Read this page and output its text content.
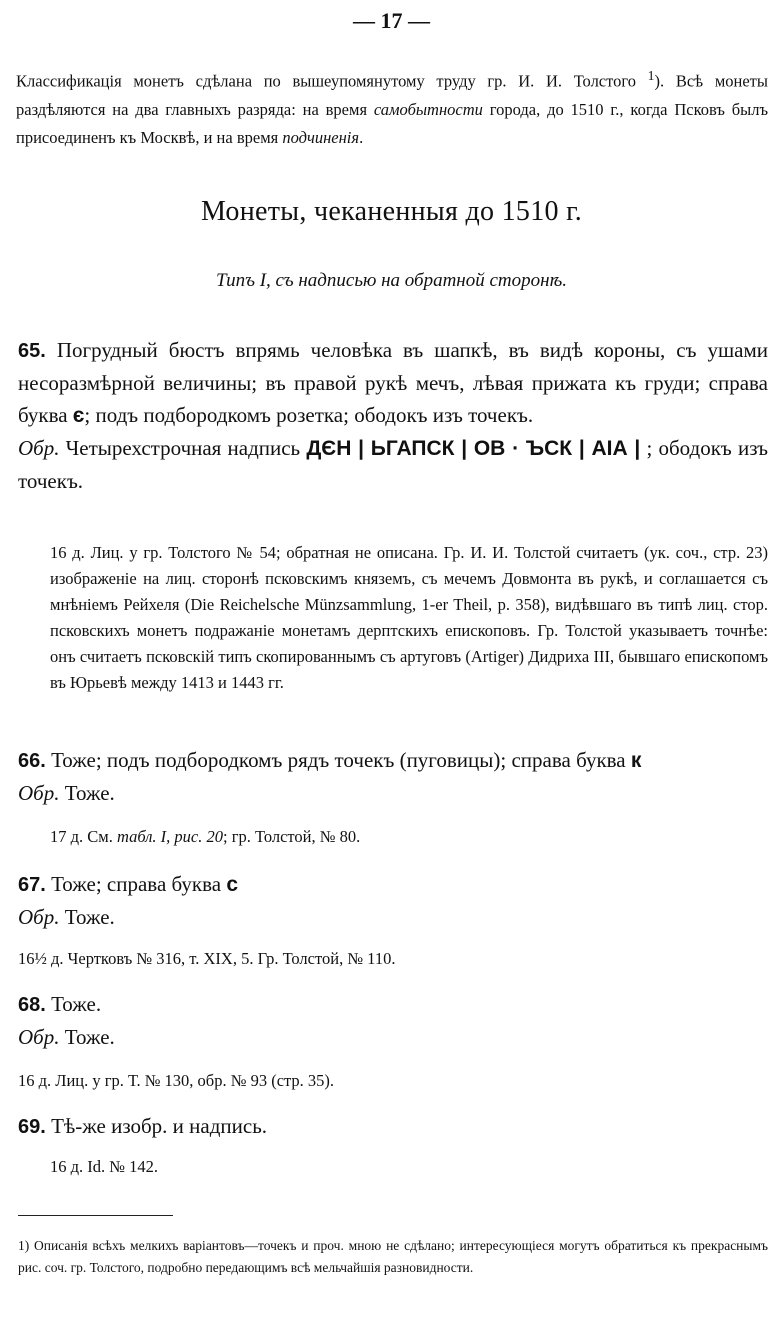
— 17 —
Классификація монетъ сдѣлана по вышеупомянутому труду гр. И. И. Толстого $^1$). Всѣ монеты раздѣляются на два главныхъ разряда: на время самобытности города, до 1510 г., когда Псковъ былъ присоединенъ къ Москвѣ, и на время подчиненія.
Монеты, чеканенныя до 1510 г.
Типъ I, съ надписью на обратной сторонѣ.
65. Погрудный бюстъ впрямь человѣка въ шапкѣ, въ видѣ короны, съ ушами несоразмѣрной величины; въ правой рукѣ мечъ, лѣвая прижата къ груди; справа буква є; подъ подбородкомъ розетка; ободокъ изъ точекъ.
Обр. Четырехстрочная надпись ДЄН | ЬГАПСК | ОВ · ЪСК | АІА | ; ободокъ изъ точекъ.
16 д. Лиц. у гр. Толстого № 54; обратная не описана. Гр. И. И. Толстой считаетъ (ук. соч., стр. 23) изображеніе на лиц. сторонѣ псковскимъ княземъ, съ мечемъ Довмонта въ рукѣ, и соглашается съ мнѣніемъ Рейхеля (Die Reichelsche Münzsammlung, 1-er Theil, p. 358), видѣвшаго въ типѣ лиц. стор. псковскихъ монетъ подражаніе монетамъ дерптскихъ епископовъ. Гр. Толстой указываетъ точнѣе: онъ считаетъ псковскій типъ скопированнымъ съ артуговъ (Artiger) Дидриха III, бывшаго епископомъ въ Юрьевѣ между 1413 и 1443 гг.
66. Тоже; подъ подбородкомъ рядъ точекъ (пуговицы); справа буква к
Обр. Тоже.
17 д. См. табл. I, рис. 20; гр. Толстой, № 80.
67. Тоже; справа буква с
Обр. Тоже.
16½ д. Чертковъ № 316, т. XIX, 5. Гр. Толстой, № 110.
68. Тоже.
Обр. Тоже.
16 д. Лиц. у гр. Т. № 130, обр. № 93 (стр. 35).
69. Тѣ-же изобр. и надпись.
16 д. Id. № 142.
1) Описанія всѣхъ мелкихъ варіантовъ—точекъ и проч. мною не сдѣлано; интересующіеся могутъ обратиться къ прекраснымъ рис. соч. гр. Толстого, подробно передающимъ всѣ мельчайшія разновидности.
